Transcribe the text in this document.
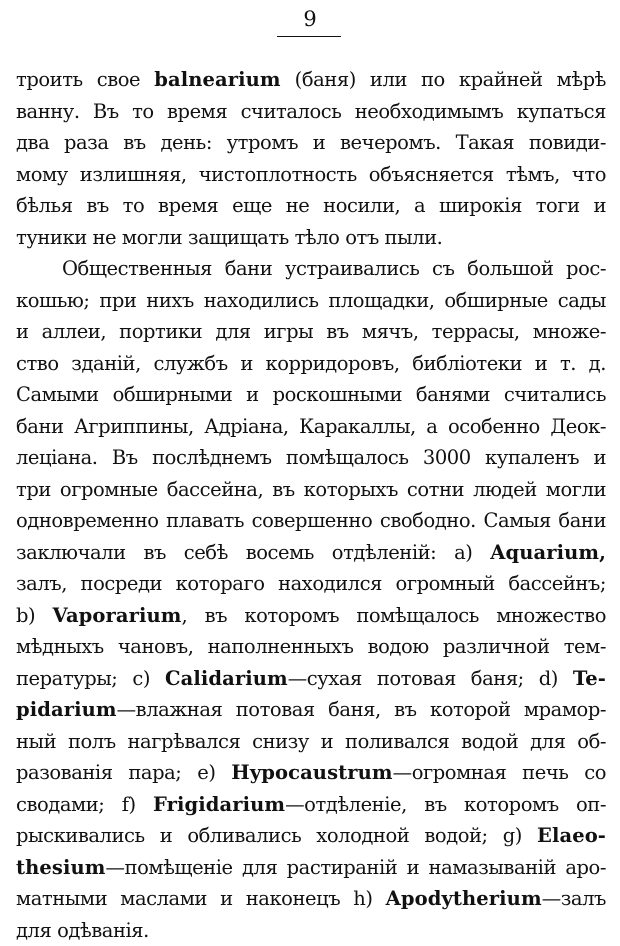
9
троить свое balnearium (баня) или по крайней мѣрѣ
ванну. Въ то время считалось необходимымъ купаться
два раза въ день: утромъ и вечеромъ. Такая повиди-
мому излишняя, чистоплотность объясняется тѣмъ, что
бѣлья въ то время еще не носили, а широкія тоги и
туники не могли защищать тѣло отъ пыли.
Общественныя бани устраивались съ большой рос-
кошью; при нихъ находились площадки, обширные сады
и аллеи, портики для игры въ мячъ, террасы, множе-
ство зданій, службъ и корридоровъ, библіотеки и т. д.
Самыми обширными и роскошными банями считались
бани Агриппины, Адріана, Каракаллы, а особенно Деок-
леціана. Въ послѣднемъ помѣщалось 3000 купаленъ и
три огромные бассейна, въ которыхъ сотни людей могли
одновременно плавать совершенно свободно. Самыя бани
заключали въ себѣ восемь отдѣленій: а) Aquarium,
залъ, посреди котораго находился огромный бассейнъ;
b) Vaporarium, въ которомъ помѣщалось множество
мѣдныхъ чановъ, наполненныхъ водою различной тем-
пературы; с) Calidarium—сухая потовая баня; d) Te-
pidarium—влажная потовая баня, въ которой мрамор-
ный полъ нагрѣвался снизу и поливался водой для об-
разованія пара; е) Hypocaustrum—огромная печь со
сводами; f) Frigidarium—отдѣленіе, въ которомъ оп-
рыскивались и обливались холодной водой; g) Elaeo-
thesium—помѣщеніе для растираній и намазываній аро-
матными маслами и наконецъ h) Apodytherium—залъ
для одѣванія.
